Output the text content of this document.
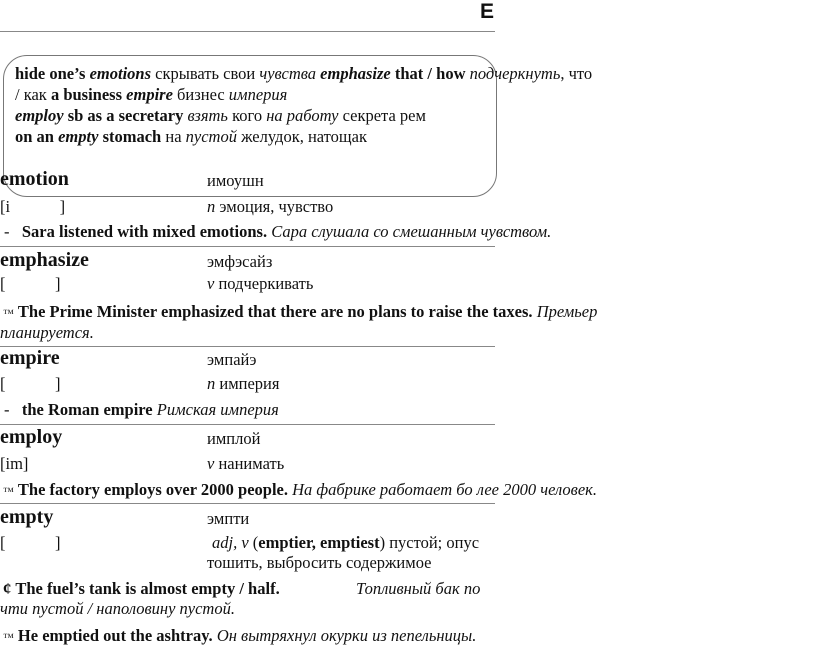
E
hide one’s emotions скрывать свои чувства emphasize that / how подчеркнуть, что
/ как a business empire бизнес империя
employ sb as a secretary взять кого на работу секрета рем
on an empty stomach на пустой желудок, натощак
emotion	имоушн
[i            ]	n эмоция, чувство
- Sara listened with mixed emotions. Сара слушала со смешанным чувством.
emphasize	эмфэсайз
[            ]	v подчеркивать
™ The Prime Minister emphasized that there are no plans to raise the taxes. Премьер
планируется.
empire	эмпайэ
[            ]	n империя
- the Roman empire Римская империя
employ	имплой
[im]	v нанимать
™ The factory employs over 2000 people. На фабрике работает бо лее 2000 человек.
empty	эмпти
[            ]	adj, v (emptier, emptiest) пустой; опус
тошить, выбросить содержимое
¢ The fuel’s tank is almost empty / half.	Топливный бак по
чти пустой / наполовину пустой.
™ He emptied out the ashtray. Он вытряхнул окурки из пепельницы.
